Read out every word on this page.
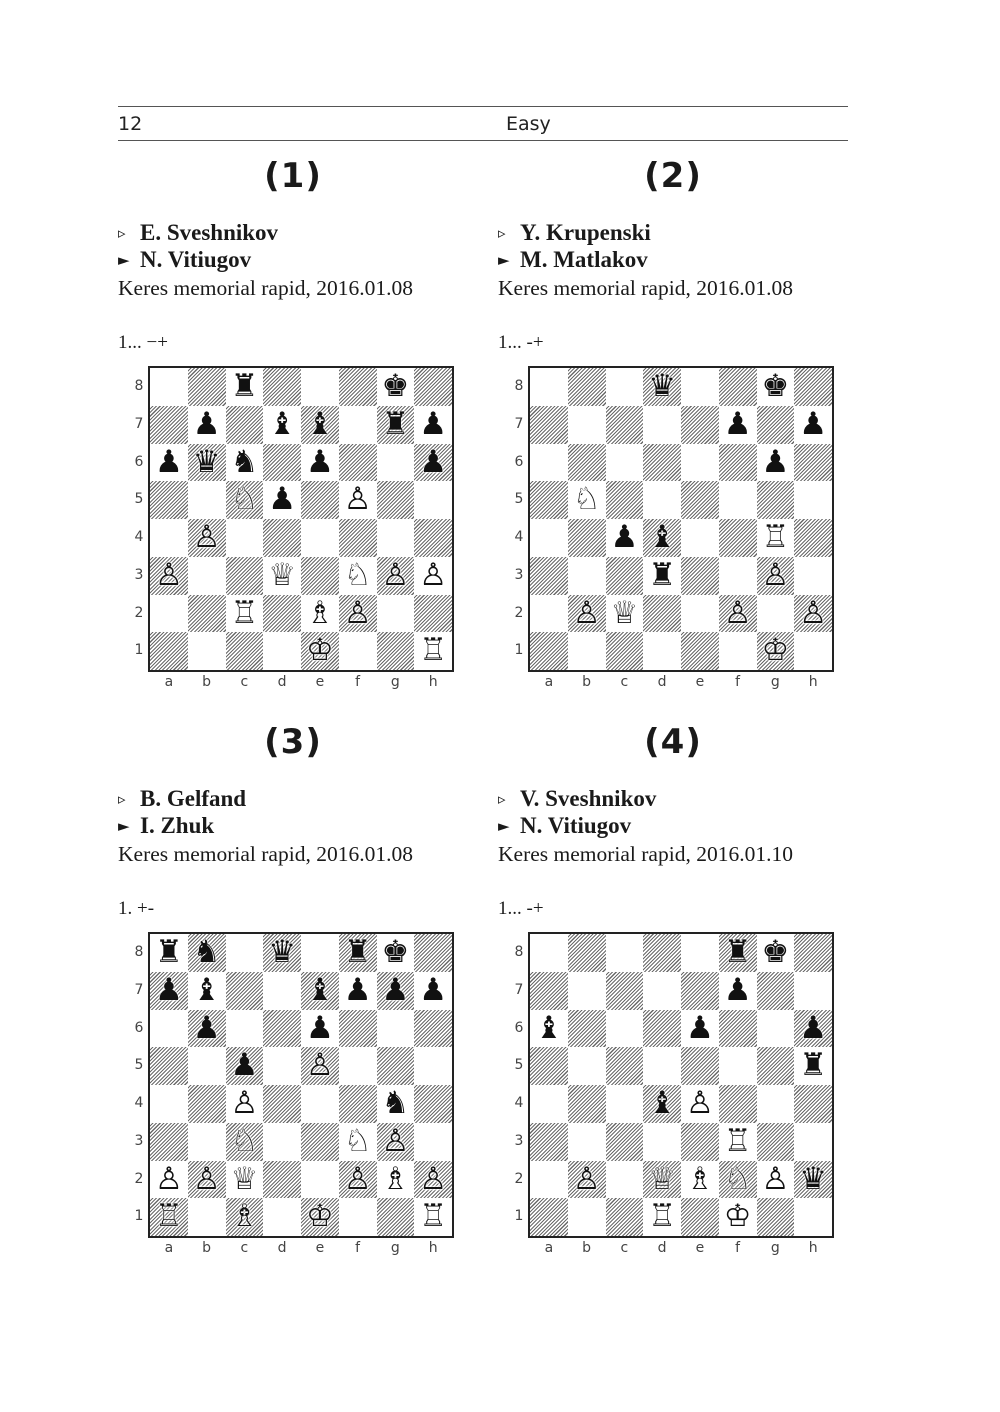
12	Easy
(1)
▹ E. Sveshnikov
► N. Vitiugov
Keres memorial rapid, 2016.01.08
1... −+
♜	♚
♟ ♝ ♝ ♜ ♟
♟ ♛ ♞ ♟	♟
♘ ♟ ♙
♙
♙	♕ ♘ ♙ ♙
♖ ♗ ♙
♔	♖
8
7
6
5
4
3
2
1
a	b	c	d	e	f	g	h
(2)
▹ Y. Krupenski
► M. Matlakov
Keres memorial rapid, 2016.01.08
1... -+
♛	♚
♟ ♟
♟
♘
♟ ♝	♖
♜	♙
♙ ♕	♙ ♙
♔
8
7
6
5
4
3
2
1
a	b	c	d	e	f	g	h
(3)
▹ B. Gelfand
► I. Zhuk
Keres memorial rapid, 2016.01.08
1. +-
♜ ♞ ♛ ♜ ♚
♟ ♝	♝ ♟ ♟ ♟
♟	♟
♟ ♙
♙	♞
♘	♘ ♙
♙ ♙ ♕	♙ ♗ ♙
♖ ♗ ♔	♖
8
7
6
5
4
3
2
1
a	b	c	d	e	f	g	h
(4)
▹ V. Sveshnikov
► N. Vitiugov
Keres memorial rapid, 2016.01.10
1... -+
♜ ♚
♟
♝	♟	♟
♜
♝ ♙
♖
♙ ♕ ♗ ♘ ♙ ♛
♖ ♔
8
7
6
5
4
3
2
1
a	b	c	d	e	f	g	h
